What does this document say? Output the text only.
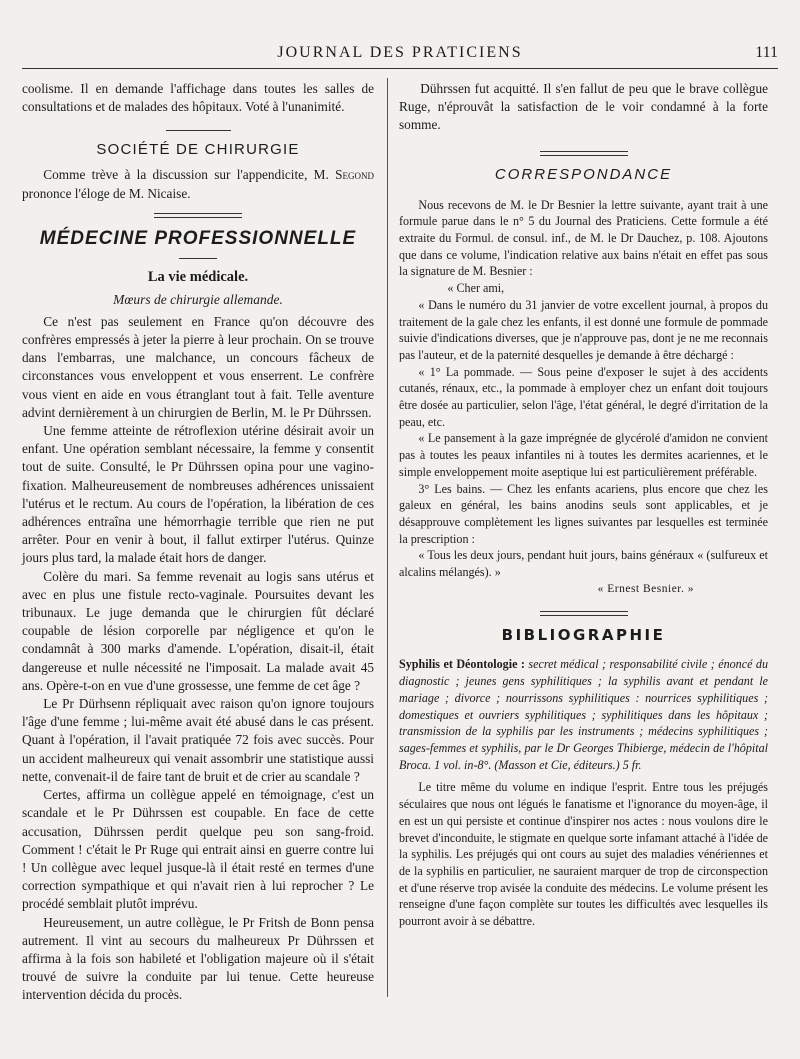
JOURNAL DES PRATICIENS	111

coolisme. Il en demande l'affichage dans toutes les salles de consultations et de malades des hôpitaux. Voté à l'unanimité.

SOCIÉTÉ DE CHIRURGIE

Comme trève à la discussion sur l'appendicite, M. Segond prononce l'éloge de M. Nicaise.

MÉDECINE PROFESSIONNELLE
La vie médicale.
Mœurs de chirurgie allemande.

Ce n'est pas seulement en France qu'on découvre des confrères empressés à jeter la pierre à leur prochain. On se trouve dans l'embarras, une malchance, un concours fâcheux de circonstances vous enveloppent et vous enserrent. Le confrère vous vient en aide en vous étranglant tout à fait. Telle aventure advint dernièrement à un chirurgien de Berlin, M. le Pr Dührssen.

Une femme atteinte de rétroflexion utérine désirait avoir un enfant. Une opération semblant nécessaire, la femme y consentit tout de suite. Consulté, le Pr Dührssen opina pour une vagino-fixation. Malheureusement de nombreuses adhérences unissaient l'utérus et le rectum. Au cours de l'opération, la libération de ces adhérences entraîna une hémorrhagie terrible que rien ne put arrêter. Pour en venir à bout, il fallut extirper l'utérus. Quinze jours plus tard, la malade était hors de danger.

Colère du mari. Sa femme revenait au logis sans utérus et avec en plus une fistule recto-vaginale. Poursuites devant les tribunaux. Le juge demanda que le chirurgien fût déclaré coupable de lésion corporelle par négligence et qu'on le condamnât à 300 marks d'amende. L'opération, disait-il, était dangereuse et nulle nécessité ne l'imposait. La malade avait 45 ans. Opère-t-on en vue d'une grossesse, une femme de cet âge ?

Le Pr Dürhsenn répliquait avec raison qu'on ignore toujours l'âge d'une femme ; lui-même avait été abusé dans le cas présent. Quant à l'opération, il l'avait pratiquée 72 fois avec succès. Pour un accident malheureux qui venait assombrir une statistique aussi nette, convenait-il de faire tant de bruit et de crier au scandale ?

Certes, affirma un collègue appelé en témoignage, c'est un scandale et le Pr Dührssen est coupable. En face de cette accusation, Dührssen perdit quelque peu son sang-froid. Comment ! c'était le Pr Ruge qui entrait ainsi en guerre contre lui ! Un collègue avec lequel jusque-là il était resté en termes d'une correction sympathique et qui n'avait rien à lui reprocher ? Le procédé semblait plutôt imprévu.

Heureusement, un autre collègue, le Pr Fritsh de Bonn pensa autrement. Il vint au secours du malheureux Pr Dührssen et affirma à la fois son habileté et l'obligation majeure où il s'était trouvé de suivre la conduite par lui tenue. Cette heureuse intervention décida du procès.

Dührssen fut acquitté. Il s'en fallut de peu que le brave collègue Ruge, n'éprouvât la satisfaction de le voir condamné à la forte somme.

CORRESPONDANCE

Nous recevons de M. le Dr Besnier la lettre suivante, ayant trait à une formule parue dans le n° 5 du Journal des Praticiens. Cette formule a été extraite du Formul. de consul. inf., de M. le Dr Dauchez, p. 108. Ajoutons que dans ce volume, l'indication relative aux bains n'était en effet pas sous la signature de M. Besnier :

« Cher ami,

« Dans le numéro du 31 janvier de votre excellent journal, à propos du traitement de la gale chez les enfants, il est donné une formule de pommade suivie d'indications diverses, que je n'approuve pas, dont je ne me reconnais pas l'auteur, et de la paternité desquelles je demande à être déchargé :

« 1° La pommade. — Sous peine d'exposer le sujet à des accidents cutanés, rénaux, etc., la pommade à employer chez un enfant doit toujours être dosée au particulier, selon l'âge, l'état général, le degré d'irritation de la peau, etc.

« Le pansement à la gaze imprégnée de glycérolé d'amidon ne convient pas à toutes les peaux infantiles ni à toutes les dermites acariennes, et le simple enveloppement moite aseptique lui est particulièrement préférable.

3° Les bains. — Chez les enfants acariens, plus encore que chez les galeux en général, les bains anodins seuls sont applicables, et je désapprouve complètement les lignes suivantes par lesquelles est terminée la prescription :

« Tous les deux jours, pendant huit jours, bains généraux « (sulfureux et alcalins mélangés). »

« Ernest Besnier. »

BIBLIOGRAPHIE

Syphilis et Déontologie : secret médical ; responsabilité civile ; énoncé du diagnostic ; jeunes gens syphilitiques ; la syphilis avant et pendant le mariage ; divorce ; nourrissons syphilitiques : nourrices syphilitiques ; domestiques et ouvriers syphilitiques ; syphilitiques dans les hôpitaux ; transmission de la syphilis par les instruments ; médecins syphilitiques ; sages-femmes et syphilis, par le Dr Georges Thibierge, médecin de l'hôpital Broca. 1 vol. in-8°. (Masson et Cie, éditeurs.) 5 fr.

Le titre même du volume en indique l'esprit. Entre tous les préjugés séculaires que nous ont légués le fanatisme et l'ignorance du moyen-âge, il en est un qui persiste et continue d'inspirer nos actes : nous voulons dire le brevet d'inconduite, le stigmate en quelque sorte infamant attaché à l'idée de la syphilis. Les préjugés qui ont cours au sujet des maladies vénériennes et de la syphilis en particulier, ne sauraient marquer de trop de circonspection et d'une réserve trop avisée la conduite des médecins. Le volume présent les renseigne d'une façon complète sur toutes les difficultés avec lesquelles ils pourront avoir à se débattre.
